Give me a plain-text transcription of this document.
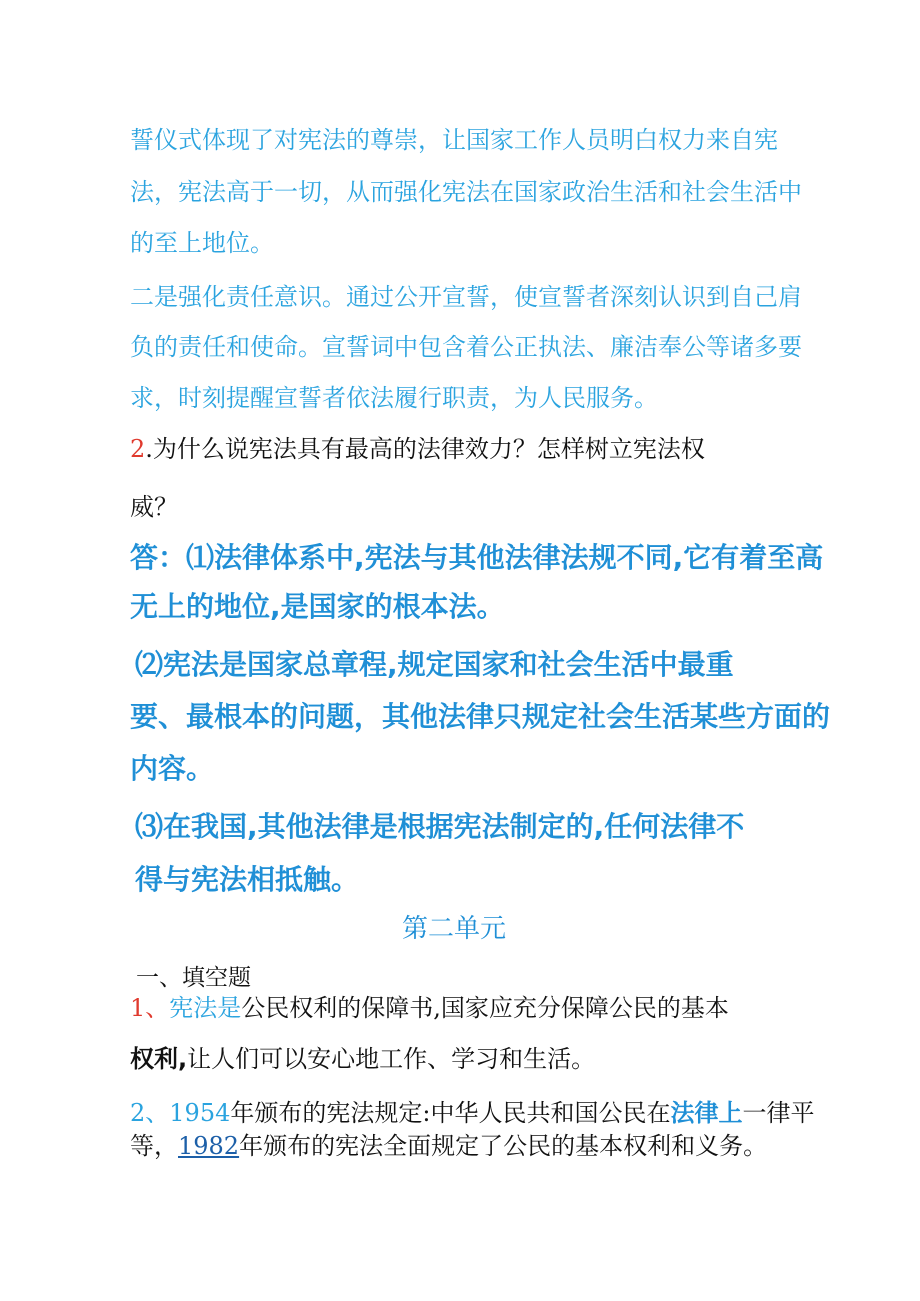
誓仪式体现了对宪法的尊崇，让国家工作人员明白权力来自宪
法，宪法高于一切，从而强化宪法在国家政治生活和社会生活中
的至上地位。
二是强化责任意识。通过公开宣誓，使宣誓者深刻认识到自己肩
负的责任和使命。宣誓词中包含着公正执法、廉洁奉公等诸多要
求，时刻提醒宣誓者依法履行职责，为人民服务。
2.为什么说宪法具有最高的法律效力？怎样树立宪法权
威？
答：⑴法律体系中,宪法与其他法律法规不同,它有着至高
无上的地位,是国家的根本法。
⑵宪法是国家总章程,规定国家和社会生活中最重
要、最根本的问题，其他法律只规定社会生活某些方面的
内容。
⑶在我国,其他法律是根据宪法制定的,任何法律不
得与宪法相抵触。
第二单元
一、填空题
1、宪法是公民权利的保障书,国家应充分保障公民的基本
权利,让人们可以安心地工作、学习和生活。
2、1954年颁布的宪法规定:中华人民共和国公民在法律上一律平
等，1982年颁布的宪法全面规定了公民的基本权利和义务。
